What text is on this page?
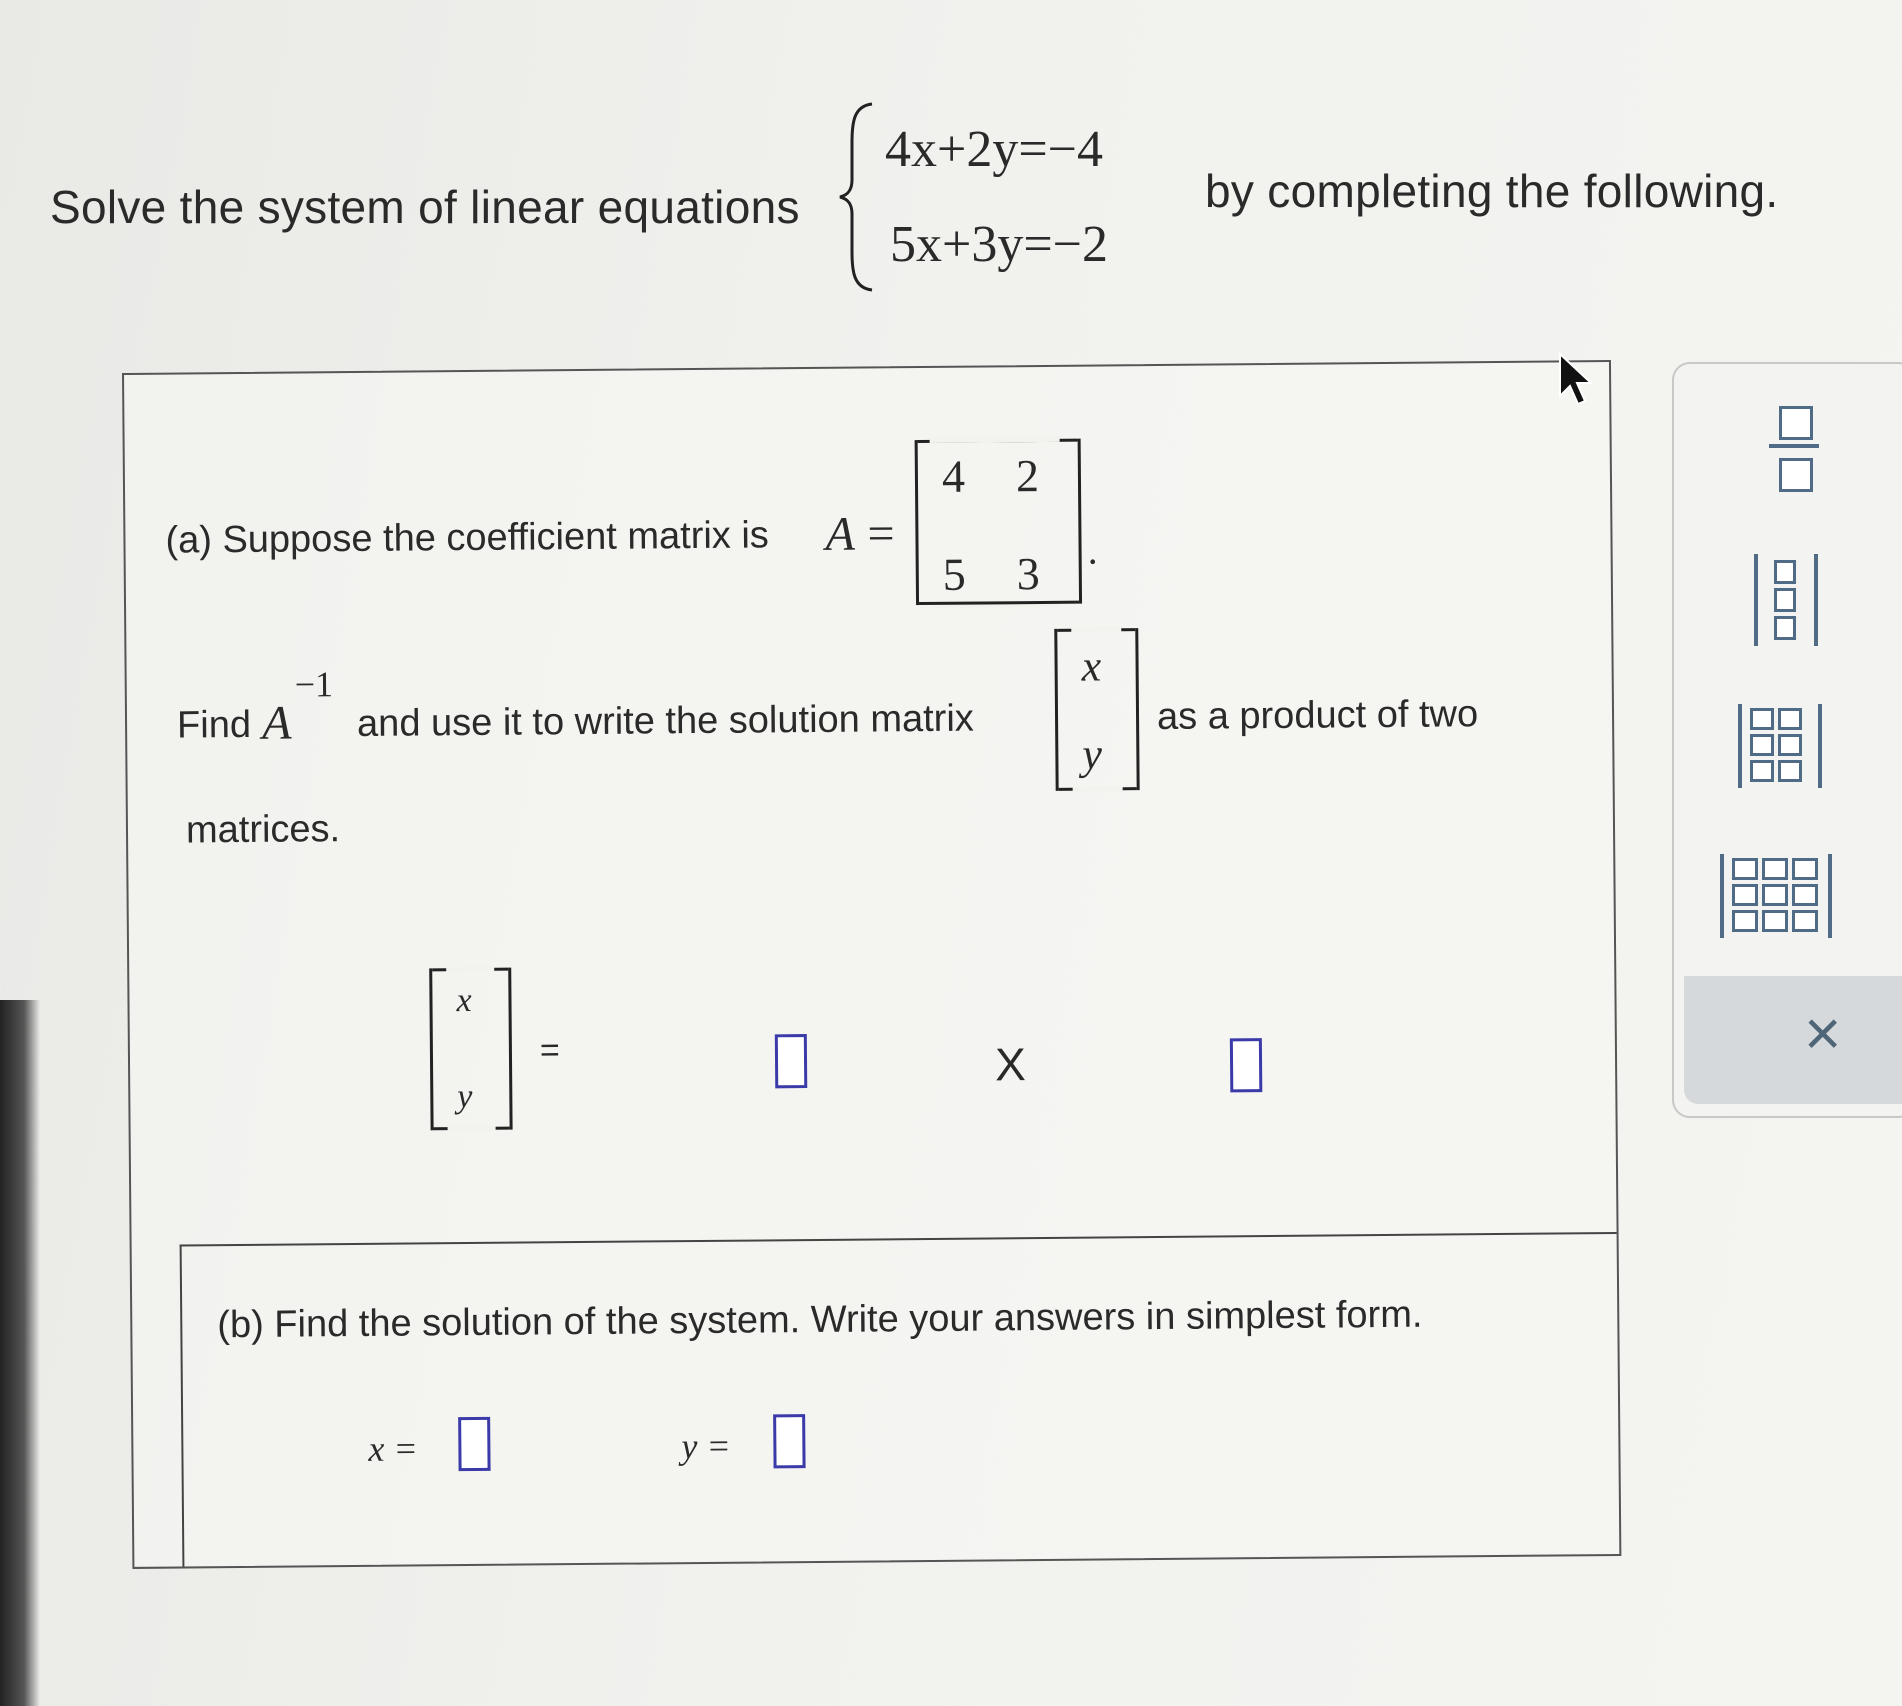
Solve the system of linear equations
4x+2y=−4
5x+3y=−2
by completing the following.
(a) Suppose the coefficient matrix is A =
4 2
5 3 .
Find A
−1
and use it to write the solution matrix
x
y
as a product of two
matrices.
x
y
=	X
(b) Find the solution of the system. Write your answers in simplest form.
x =	y =
×
